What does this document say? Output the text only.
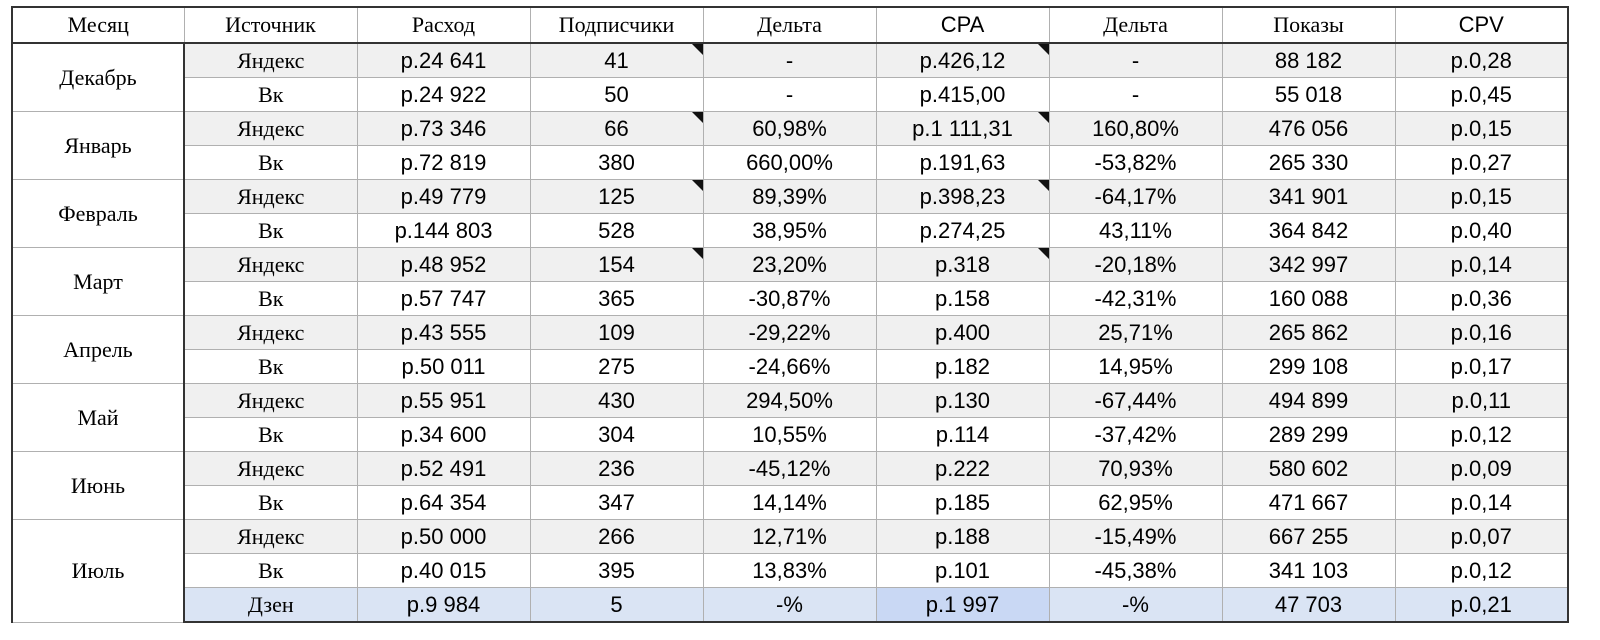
Месяц	Источник	Расход	Подписчики	Дельта	CPA	Дельта	Показы	CPV
Декабрь	Яндекс	р.24 641	41	-	р.426,12	-	88 182	р.0,28
	Вк	р.24 922	50	-	р.415,00	-	55 018	р.0,45
Январь	Яндекс	р.73 346	66	60,98%	р.1 111,31	160,80%	476 056	р.0,15
	Вк	р.72 819	380	660,00%	р.191,63	-53,82%	265 330	р.0,27
Февраль	Яндекс	р.49 779	125	89,39%	р.398,23	-64,17%	341 901	р.0,15
	Вк	р.144 803	528	38,95%	р.274,25	43,11%	364 842	р.0,40
Март	Яндекс	р.48 952	154	23,20%	р.318	-20,18%	342 997	р.0,14
	Вк	р.57 747	365	-30,87%	р.158	-42,31%	160 088	р.0,36
Апрель	Яндекс	р.43 555	109	-29,22%	р.400	25,71%	265 862	р.0,16
	Вк	р.50 011	275	-24,66%	р.182	14,95%	299 108	р.0,17
Май	Яндекс	р.55 951	430	294,50%	р.130	-67,44%	494 899	р.0,11
	Вк	р.34 600	304	10,55%	р.114	-37,42%	289 299	р.0,12
Июнь	Яндекс	р.52 491	236	-45,12%	р.222	70,93%	580 602	р.0,09
	Вк	р.64 354	347	14,14%	р.185	62,95%	471 667	р.0,14
Июль	Яндекс	р.50 000	266	12,71%	р.188	-15,49%	667 255	р.0,07
	Вк	р.40 015	395	13,83%	р.101	-45,38%	341 103	р.0,12
	Дзен	р.9 984	5	-%	р.1 997	-%	47 703	р.0,21
